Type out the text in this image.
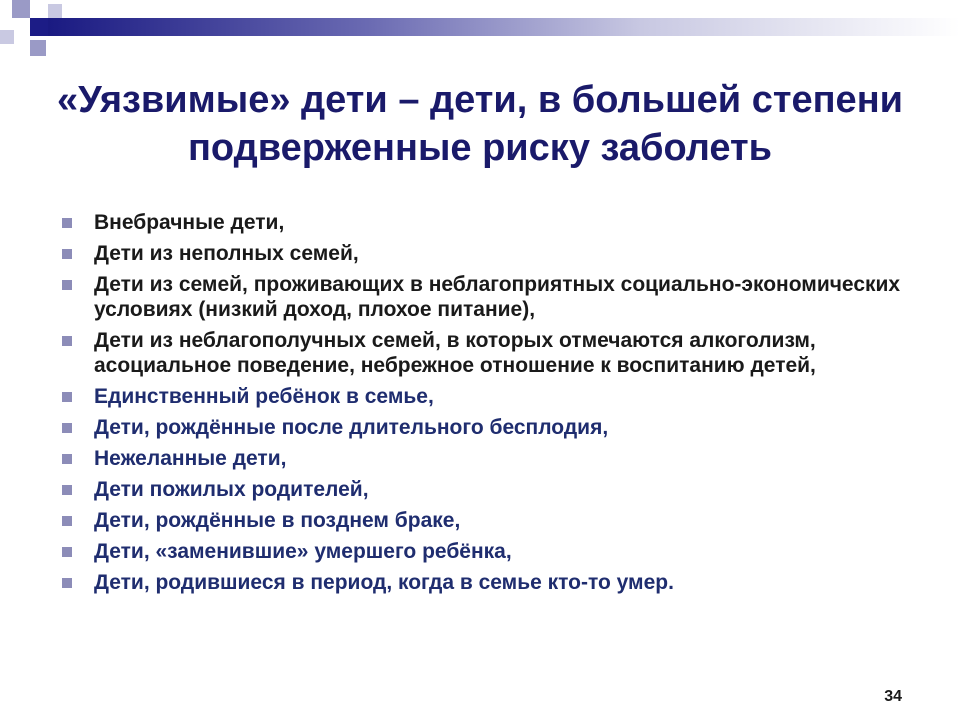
«Уязвимые» дети – дети, в большей степени подверженные риску заболеть
Внебрачные дети,
Дети из неполных семей,
Дети из семей, проживающих в неблагоприятных социально-экономических условиях (низкий доход, плохое питание),
Дети из неблагополучных семей, в которых отмечаются алкоголизм, асоциальное поведение, небрежное отношение к воспитанию детей,
Единственный ребёнок в семье,
Дети, рождённые после длительного бесплодия,
Нежеланные дети,
Дети пожилых родителей,
Дети, рождённые в позднем браке,
Дети, «заменившие» умершего ребёнка,
Дети, родившиеся в период, когда в семье кто-то умер.
34
